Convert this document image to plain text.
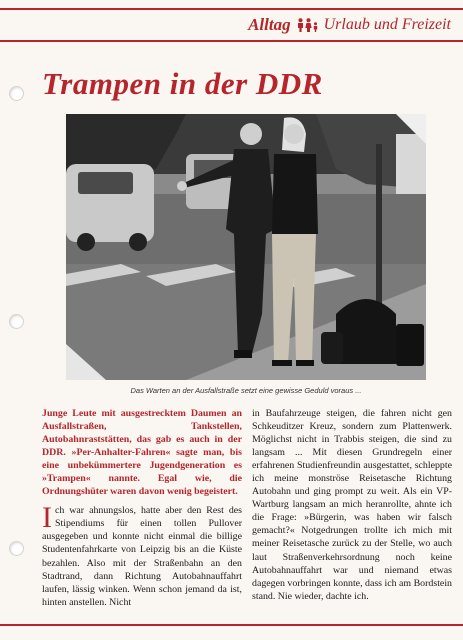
Alltag Urlaub und Freizeit
Trampen in der DDR
Das Warten an der Ausfallstraße setzt eine gewisse Geduld voraus ...

Junge Leute mit ausgestrecktem Daumen an Ausfallstraßen, Tankstellen, Autobahnraststätten, das gab es auch in der DDR. »Per-Anhalter-Fahren« sagte man, bis eine unbekümmertere Jugendgeneration es »Trampen« nannte. Egal wie, die Ordnungshüter waren davon wenig begeistert.

Ich war ahnungslos, hatte aber den Rest des Stipendiums für einen tollen Pullover ausgegeben und konnte nicht einmal die billige Studentenfahrkarte von Leipzig bis an die Küste bezahlen. Also mit der Straßenbahn an den Stadtrand, dann Richtung Autobahnauffahrt laufen, lässig winken. Wenn schon jemand da ist, hinten anstellen. Nicht

in Baufahrzeuge steigen, die fahren nicht gen Schkeuditzer Kreuz, sondern zum Plattenwerk. Möglichst nicht in Trabbis steigen, die sind zu langsam ... Mit diesen Grundregeln einer erfahrenen Studienfreundin ausgestattet, schleppte ich meine monströse Reisetasche Richtung Autobahn und ging prompt zu weit. Als ein VP-Wartburg langsam an mich heranrollte, ahnte ich die Frage: »Bürgerin, was haben wir falsch gemacht?« Notgedrungen trollte ich mich mit meiner Reisetasche zurück zu der Stelle, wo auch laut Straßenverkehrsordnung noch keine Autobahnauffahrt war und niemand etwas dagegen vorbringen konnte, dass ich am Bordstein stand. Nie wieder, dachte ich.
